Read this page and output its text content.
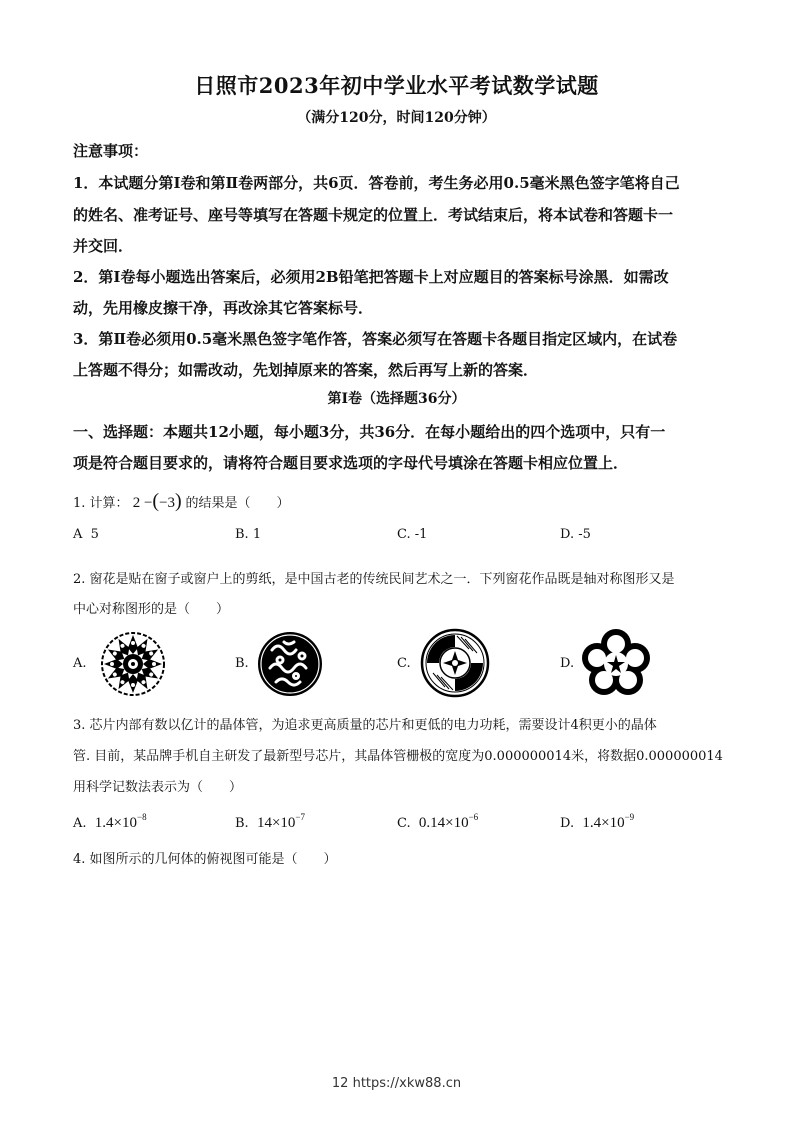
日照市2023年初中学业水平考试数学试题
（满分120分，时间120分钟）
注意事项：
1．本试题分第Ⅰ卷和第Ⅱ卷两部分，共6页．答卷前，考生务必用0.5毫米黑色签字笔将自己
的姓名、准考证号、座号等填写在答题卡规定的位置上．考试结束后，将本试卷和答题卡一
并交回．
2．第Ⅰ卷每小题选出答案后，必须用2B铅笔把答题卡上对应题目的答案标号涂黑．如需改
动，先用橡皮擦干净，再改涂其它答案标号．
3．第Ⅱ卷必须用0.5毫米黑色签字笔作答，答案必须写在答题卡各题目指定区域内，在试卷
上答题不得分；如需改动，先划掉原来的答案，然后再写上新的答案．
第Ⅰ卷（选择题36分）
一、选择题：本题共12小题，每小题3分，共36分．在每小题给出的四个选项中，只有一
项是符合题目要求的，请将符合题目要求选项的字母代号填涂在答题卡相应位置上．
1. 计算： 2 −(−3) 的结果是（　　）
A 5	B. 1	C. -1	D. -5
2. 窗花是贴在窗子或窗户上的剪纸，是中国古老的传统民间艺术之一．下列窗花作品既是轴对称图形又是
中心对称图形的是（　　）
A.	B.	C.	D.
3. 芯片内部有数以亿计的晶体管，为追求更高质量的芯片和更低的电力功耗，需要设计4积更小的晶体
管. 目前，某品牌手机自主研发了最新型号芯片，其晶体管栅极的宽度为0.000000014米，将数据0.000000014
用科学记数法表示为（　　）
A. $1.4\times 10^{-8}$	B. $14\times 10^{-7}$	C. $0.14\times 10^{-6}$	D. $1.4\times 10^{-9}$
4. 如图所示的几何体的俯视图可能是（　　）
12 https://xkw88.cn
